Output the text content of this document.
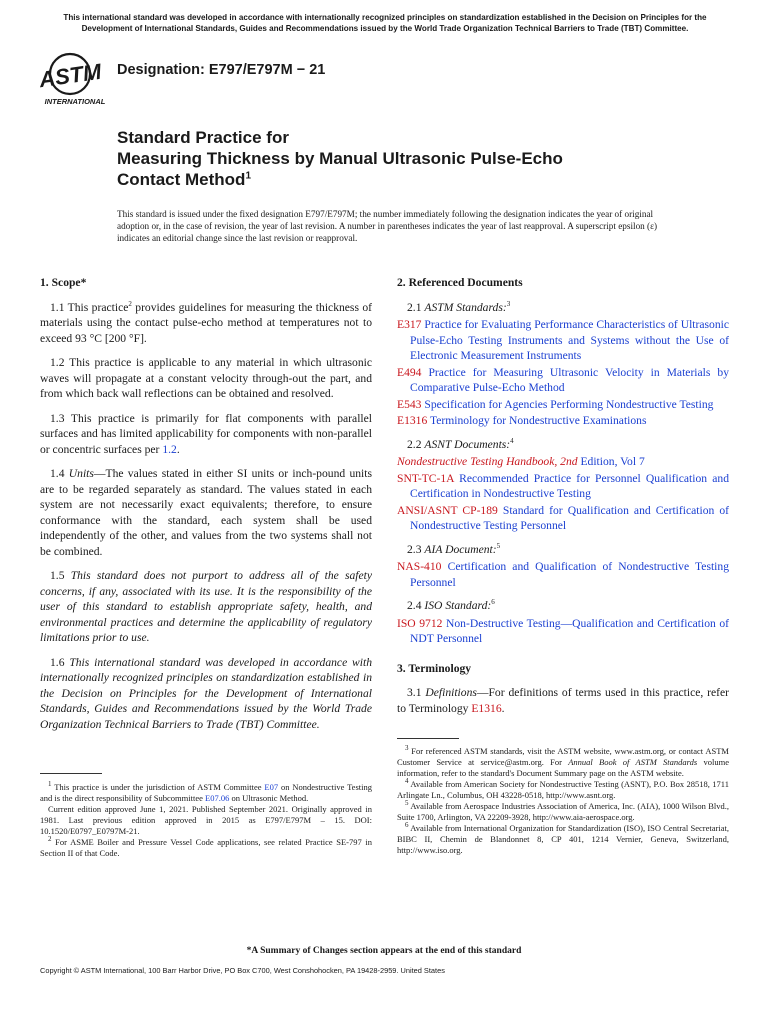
This international standard was developed in accordance with internationally recognized principles on standardization established in the Decision on Principles for the Development of International Standards, Guides and Recommendations issued by the World Trade Organization Technical Barriers to Trade (TBT) Committee.
ASTM
INTERNATIONAL
Designation: E797/E797M − 21
Standard Practice for
Measuring Thickness by Manual Ultrasonic Pulse-Echo
Contact Method$^1$
This standard is issued under the fixed designation E797/E797M; the number immediately following the designation indicates the year of original adoption or, in the case of revision, the year of last revision. A number in parentheses indicates the year of last reapproval. A superscript epsilon (ε) indicates an editorial change since the last revision or reapproval.
1. Scope*

1.1 This practice$^2$ provides guidelines for measuring the thickness of materials using the contact pulse-echo method at temperatures not to exceed 93 °C [200 °F].

1.2 This practice is applicable to any material in which ultrasonic waves will propagate at a constant velocity through-out the part, and from which back wall reflections can be obtained and resolved.

1.3 This practice is primarily for flat components with parallel surfaces and has limited applicability for components with non-parallel or concentric surfaces per 1.2.

1.4 Units—The values stated in either SI units or inch-pound units are to be regarded separately as standard. The values stated in each system are not necessarily exact equivalents; therefore, to ensure conformance with the standard, each system shall be used independently of the other, and values from the two systems shall not be combined.

1.5 This standard does not purport to address all of the safety concerns, if any, associated with its use. It is the responsibility of the user of this standard to establish appropriate safety, health, and environmental practices and determine the applicability of regulatory limitations prior to use.

1.6 This international standard was developed in accordance with internationally recognized principles on standardization established in the Decision on Principles for the Development of International Standards, Guides and Recommendations issued by the World Trade Organization Technical Barriers to Trade (TBT) Committee.

2. Referenced Documents
2.1 ASTM Standards:$^3$
E317 Practice for Evaluating Performance Characteristics of Ultrasonic Pulse-Echo Testing Instruments and Systems without the Use of Electronic Measurement Instruments
E494 Practice for Measuring Ultrasonic Velocity in Materials by Comparative Pulse-Echo Method
E543 Specification for Agencies Performing Nondestructive Testing
E1316 Terminology for Nondestructive Examinations
2.2 ASNT Documents:$^4$
Nondestructive Testing Handbook, 2nd Edition, Vol 7
SNT-TC-1A Recommended Practice for Personnel Qualification and Certification in Nondestructive Testing
ANSI/ASNT CP-189 Standard for Qualification and Certification of Nondestructive Testing Personnel
2.3 AIA Document:$^5$
NAS-410 Certification and Qualification of Nondestructive Testing Personnel
2.4 ISO Standard:$^6$
ISO 9712 Non-Destructive Testing—Qualification and Certification of NDT Personnel
3. Terminology

3.1 Definitions—For definitions of terms used in this practice, refer to Terminology E1316.

$^1$ This practice is under the jurisdiction of ASTM Committee E07 on Nondestructive Testing and is the direct responsibility of Subcommittee E07.06 on Ultrasonic Method.

Current edition approved June 1, 2021. Published September 2021. Originally approved in 1981. Last previous edition approved in 2015 as E797/E797M – 15. DOI: 10.1520/E0797_E0797M-21.

$^2$ For ASME Boiler and Pressure Vessel Code applications, see related Practice SE-797 in Section II of that Code.

$^3$ For referenced ASTM standards, visit the ASTM website, www.astm.org, or contact ASTM Customer Service at service@astm.org. For Annual Book of ASTM Standards volume information, refer to the standard's Document Summary page on the ASTM website.

$^4$ Available from American Society for Nondestructive Testing (ASNT), P.O. Box 28518, 1711 Arlingate Ln., Columbus, OH 43228-0518, http://www.asnt.org.

$^5$ Available from Aerospace Industries Association of America, Inc. (AIA), 1000 Wilson Blvd., Suite 1700, Arlington, VA 22209-3928, http://www.aia-aerospace.org.

$^6$ Available from International Organization for Standardization (ISO), ISO Central Secretariat, BIBC II, Chemin de Blandonnet 8, CP 401, 1214 Vernier, Geneva, Switzerland, http://www.iso.org.

*A Summary of Changes section appears at the end of this standard
Copyright © ASTM International, 100 Barr Harbor Drive, PO Box C700, West Conshohocken, PA 19428-2959. United States
